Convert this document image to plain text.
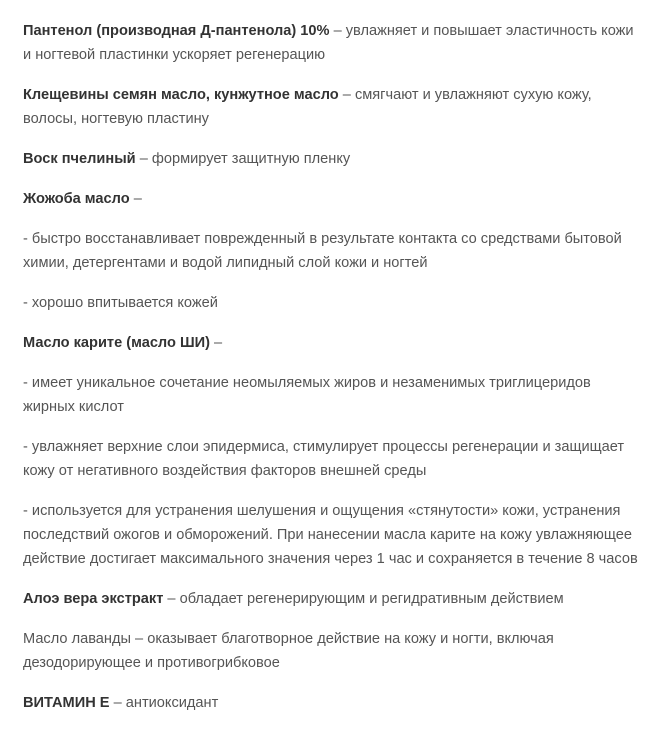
Пантенол (производная Д-пантенола) 10% – увлажняет и повышает эластичность кожи
и ногтевой пластинки ускоряет регенерацию

Клещевины семян масло, кунжутное масло – смягчают и увлажняют сухую кожу,
волосы, ногтевую пластину

Воск пчелиный – формирует защитную пленку

Жожоба масло –

- быстро восстанавливает поврежденный в результате контакта со средствами бытовой
химии, детергентами и водой липидный слой кожи и ногтей

- хорошо впитывается кожей

Масло карите (масло ШИ) –

- имеет уникальное сочетание неомыляемых жиров и незаменимых триглицеридов
жирных кислот

- увлажняет верхние слои эпидермиса, стимулирует процессы регенерации и защищает
кожу от негативного воздействия факторов внешней среды

- используется для устранения шелушения и ощущения «стянутости» кожи, устранения
последствий ожогов и обморожений. При нанесении масла карите на кожу увлажняющее
действие достигает максимального значения через 1 час и сохраняется в течение 8 часов

Алоэ вера экстракт – обладает регенерирующим и регидративным действием

Масло лаванды – оказывает благотворное действие на кожу и ногти, включая
дезодорирующее и противогрибковое

ВИТАМИН Е – антиоксидант
